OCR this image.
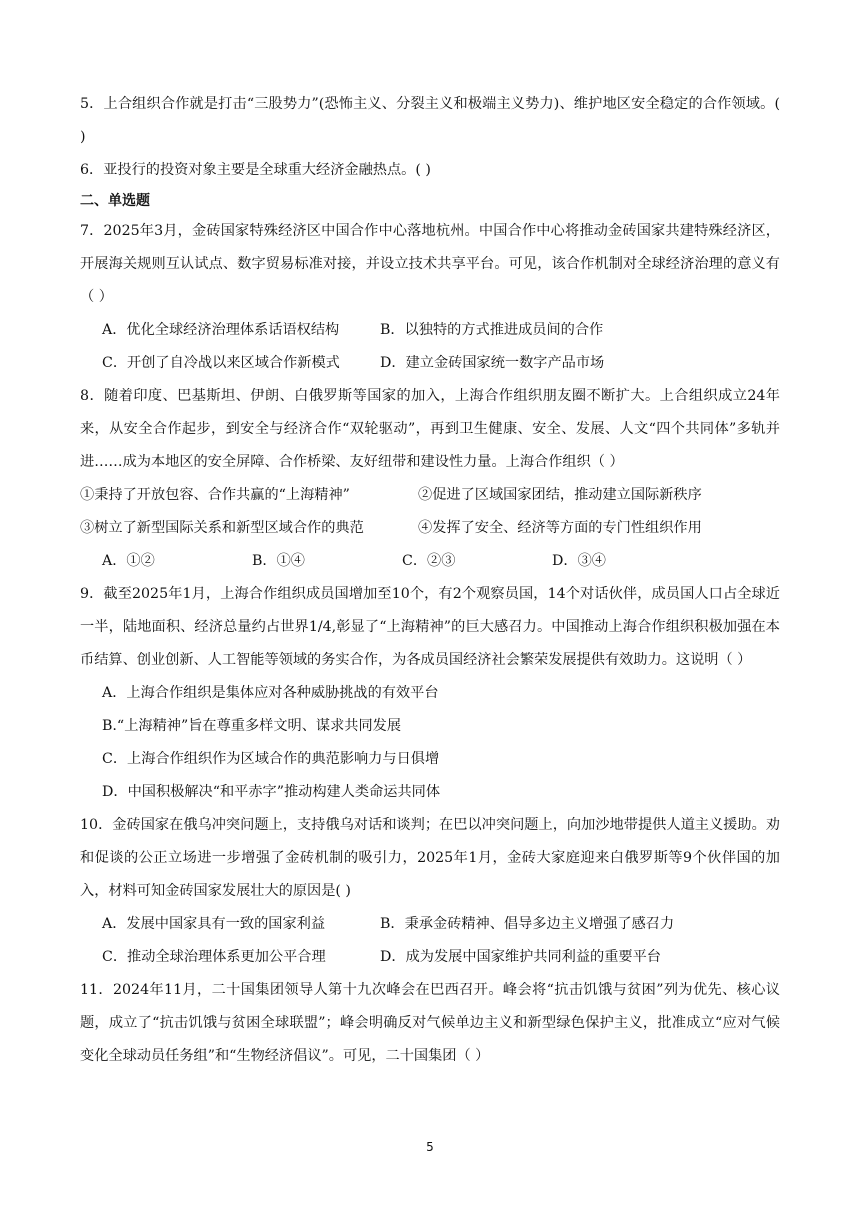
5．上合组织合作就是打击“三股势力”(恐怖主义、分裂主义和极端主义势力)、维护地区安全稳定的合作领域。( )

6．亚投行的投资对象主要是全球重大经济金融热点。( )

二、单选题

7．2025年3月，金砖国家特殊经济区中国合作中心落地杭州。中国合作中心将推动金砖国家共建特殊经济区，开展海关规则互认试点、数字贸易标准对接，并设立技术共享平台。可见，该合作机制对全球经济治理的意义有（ ）

A．优化全球经济治理体系话语权结构	B．以独特的方式推进成员间的合作
C．开创了自冷战以来区域合作新模式	D．建立金砖国家统一数字产品市场

8．随着印度、巴基斯坦、伊朗、白俄罗斯等国家的加入，上海合作组织朋友圈不断扩大。上合组织成立24年来，从安全合作起步，到安全与经济合作“双轮驱动”，再到卫生健康、安全、发展、人文“四个共同体”多轨并进……成为本地区的安全屏障、合作桥梁、友好纽带和建设性力量。上海合作组织（ ）

①秉持了开放包容、合作共赢的“上海精神”	②促进了区域国家团结，推动建立国际新秩序
③树立了新型国际关系和新型区域合作的典范	④发挥了安全、经济等方面的专门性组织作用
A．①②	B．①④	C．②③	D．③④

9．截至2025年1月，上海合作组织成员国增加至10个，有2个观察员国，14个对话伙伴，成员国人口占全球近一半，陆地面积、经济总量约占世界1/4,彰显了“上海精神”的巨大感召力。中国推动上海合作组织积极加强在本币结算、创业创新、人工智能等领域的务实合作，为各成员国经济社会繁荣发展提供有效助力。这说明（ ）

A．上海合作组织是集体应对各种威胁挑战的有效平台
B.“上海精神”旨在尊重多样文明、谋求共同发展
C．上海合作组织作为区域合作的典范影响力与日俱增
D．中国积极解决“和平赤字”推动构建人类命运共同体

10．金砖国家在俄乌冲突问题上，支持俄乌对话和谈判；在巴以冲突问题上，向加沙地带提供人道主义援助。劝和促谈的公正立场进一步增强了金砖机制的吸引力，2025年1月，金砖大家庭迎来白俄罗斯等9个伙伴国的加入，材料可知金砖国家发展壮大的原因是( )

A．发展中国家具有一致的国家利益	B．秉承金砖精神、倡导多边主义增强了感召力
C．推动全球治理体系更加公平合理	D．成为发展中国家维护共同利益的重要平台

11．2024年11月，二十国集团领导人第十九次峰会在巴西召开。峰会将“抗击饥饿与贫困”列为优先、核心议题，成立了“抗击饥饿与贫困全球联盟”；峰会明确反对气候单边主义和新型绿色保护主义，批准成立“应对气候变化全球动员任务组”和“生物经济倡议”。可见，二十国集团（ ）

5
